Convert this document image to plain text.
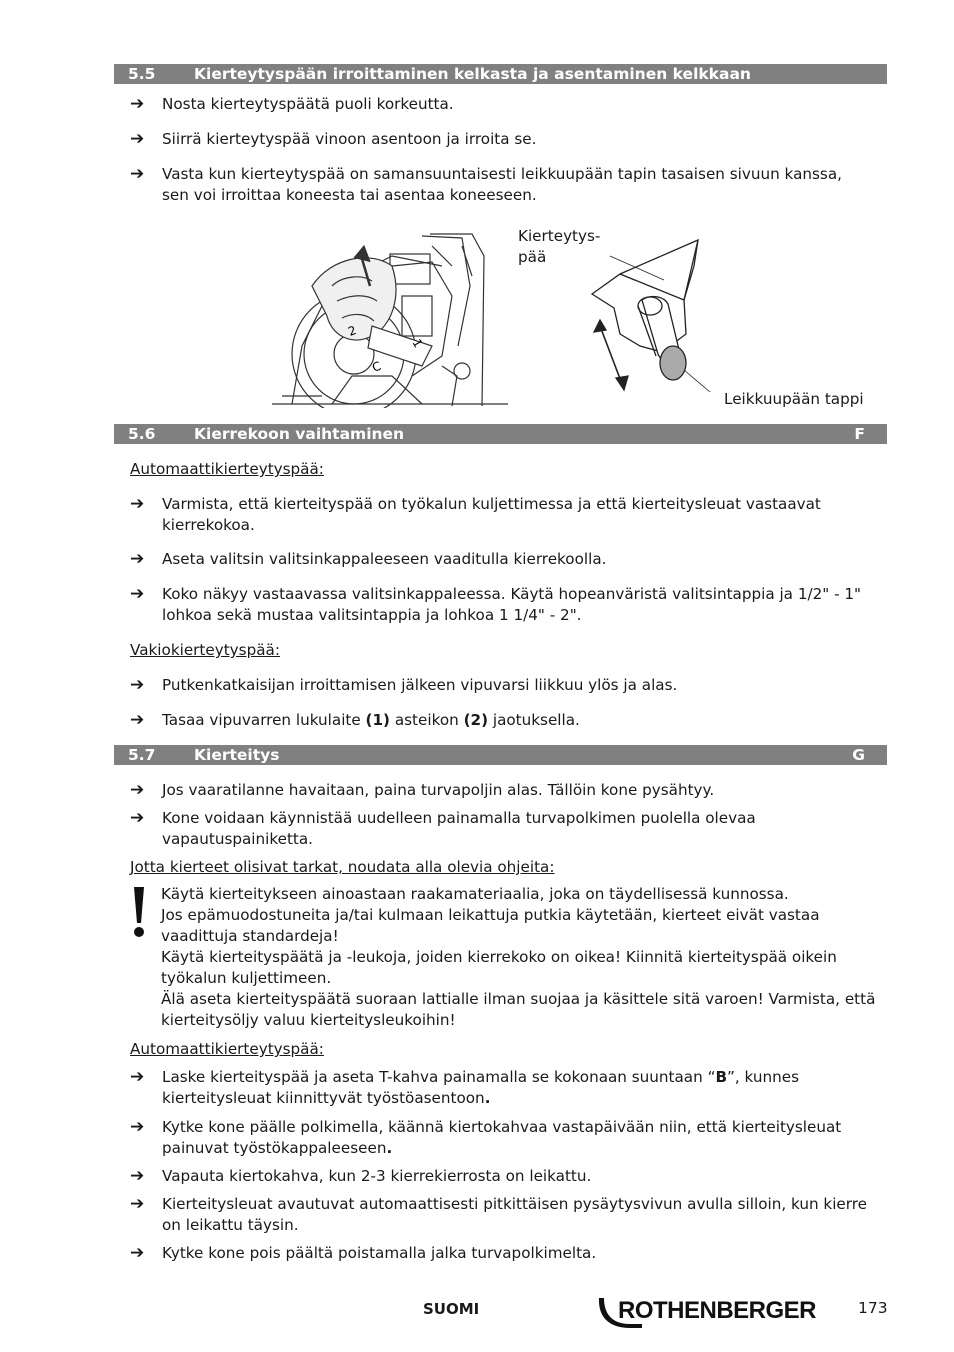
5.5 Kierteytyspään irroittaminen kelkasta ja asentaminen kelkkaan
➔	Nosta kierteytyspäätä puoli korkeutta.
➔	Siirrä kierteytyspää vinoon asentoon ja irroita se.
➔	Vasta kun kierteytyspää on samansuuntaisesti leikkuupään tapin tasaisen sivuun kanssa, sen voi irroittaa koneesta tai asentaa koneeseen.
2
1
C
Kierteytys-
pää
Leikkuupään tappi
5.6 Kierrekoon vaihtaminen	F
Automaattikierteytyspää:
➔	Varmista, että kierteityspää on työkalun kuljettimessa ja että kierteitysleuat vastaavat kierrekokoa.
➔	Aseta valitsin valitsinkappaleeseen vaaditulla kierrekoolla.
➔	Koko näkyy vastaavassa valitsinkappaleessa. Käytä hopeanväristä valitsintappia ja 1/2" - 1" lohkoa sekä mustaa valitsintappia ja lohkoa 1 1/4" - 2".
Vakiokierteytyspää:
➔	Putkenkatkaisijan irroittamisen jälkeen vipuvarsi liikkuu ylös ja alas.
➔	Tasaa vipuvarren lukulaite (1) asteikon (2) jaotuksella.
5.7 Kierteitys	G
➔	Jos vaaratilanne havaitaan, paina turvapoljin alas. Tällöin kone pysähtyy.
➔	Kone voidaan käynnistää uudelleen painamalla turvapolkimen puolella olevaa vapautuspainiketta.
Jotta kierteet olisivat tarkat, noudata alla olevia ohjeita:
Käytä kierteitykseen ainoastaan raakamateriaalia, joka on täydellisessä kunnossa.
Jos epämuodostuneita ja/tai kulmaan leikattuja putkia käytetään, kierteet eivät vastaa vaadittuja standardeja!
Käytä kierteityspäätä ja -leukoja, joiden kierrekoko on oikea! Kiinnitä kierteityspää oikein työkalun kuljettimeen.
Älä aseta kierteityspäätä suoraan lattialle ilman suojaa ja käsittele sitä varoen! Varmista, että kierteitysöljy valuu kierteitysleukoihin!
Automaattikierteytyspää:
➔	Laske kierteityspää ja aseta T-kahva painamalla se kokonaan suuntaan “B”, kunnes kierteitysleuat kiinnittyvät työstöasentoon.
➔	Kytke kone päälle polkimella, käännä kiertokahvaa vastapäivään niin, että kierteitysleuat painuvat työstökappaleeseen.
➔	Vapauta kiertokahva, kun 2-3 kierrekierrosta on leikattu.
➔	Kierteitysleuat avautuvat automaattisesti pitkittäisen pysäytysvivun avulla silloin, kun kierre on leikattu täysin.
➔	Kytke kone pois päältä poistamalla jalka turvapolkimelta.
SUOMI	ROTHENBERGER	173
